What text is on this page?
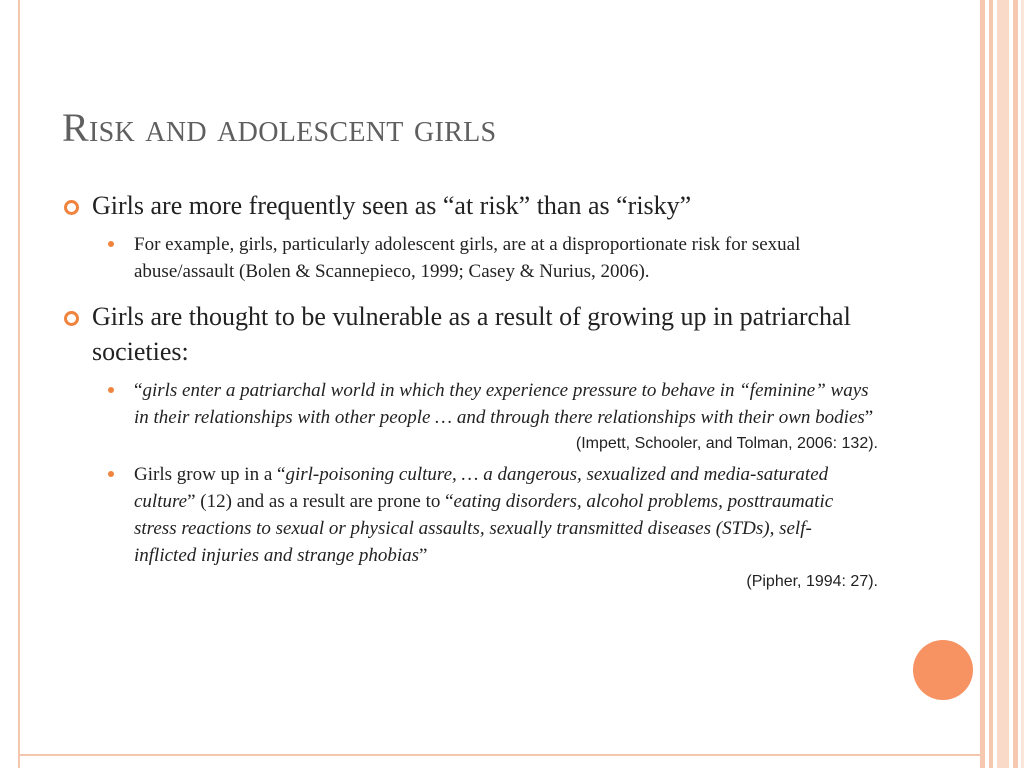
Risk and adolescent girls
Girls are more frequently seen as “at risk” than as “risky”
For example, girls, particularly adolescent girls, are at a disproportionate risk for sexual abuse/assault (Bolen & Scannepieco, 1999; Casey & Nurius, 2006).
Girls are thought to be vulnerable as a result of growing up in patriarchal societies:
“girls enter a patriarchal world in which they experience pressure to behave in “feminine” ways in their relationships with other people … and through there relationships with their own bodies”
(Impett, Schooler, and Tolman, 2006: 132).
Girls grow up in a “girl-poisoning culture, … a dangerous, sexualized and media-saturated culture” (12) and as a result are prone to “eating disorders, alcohol problems, posttraumatic stress reactions to sexual or physical assaults, sexually transmitted diseases (STDs), self-inflicted injuries and strange phobias”
(Pipher, 1994: 27).
